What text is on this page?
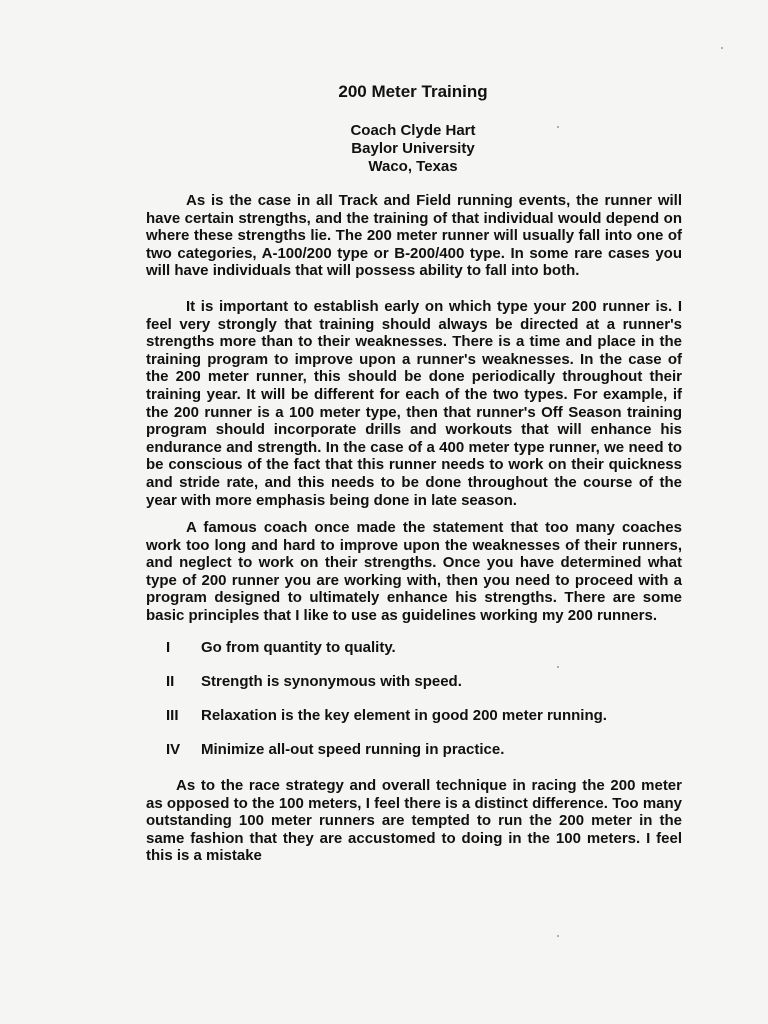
200 Meter Training
Coach Clyde Hart
Baylor University
Waco, Texas

As is the case in all Track and Field running events, the runner will have certain strengths, and the training of that individual would depend on where these strengths lie. The 200 meter runner will usually fall into one of two categories, A-100/200 type or B-200/400 type. In some rare cases you will have individuals that will possess ability to fall into both.

It is important to establish early on which type your 200 runner is. I feel very strongly that training should always be directed at a runner's strengths more than to their weaknesses. There is a time and place in the training program to improve upon a runner's weaknesses. In the case of the 200 meter runner, this should be done periodically throughout their training year. It will be different for each of the two types. For example, if the 200 runner is a 100 meter type, then that runner's Off Season training program should incorporate drills and workouts that will enhance his endurance and strength. In the case of a 400 meter type runner, we need to be conscious of the fact that this runner needs to work on their quickness and stride rate, and this needs to be done throughout the course of the year with more emphasis being done in late season.

A famous coach once made the statement that too many coaches work too long and hard to improve upon the weaknesses of their runners, and neglect to work on their strengths. Once you have determined what type of 200 runner you are working with, then you need to proceed with a program designed to ultimately enhance his strengths. There are some basic principles that I like to use as guidelines working my 200 runners.

I	Go from quantity to quality.
II	Strength is synonymous with speed.
III	Relaxation is the key element in good 200 meter running.
IV	Minimize all-out speed running in practice.

As to the race strategy and overall technique in racing the 200 meter as opposed to the 100 meters, I feel there is a distinct difference. Too many outstanding 100 meter runners are tempted to run the 200 meter in the same fashion that they are accustomed to doing in the 100 meters. I feel this is a mistake
